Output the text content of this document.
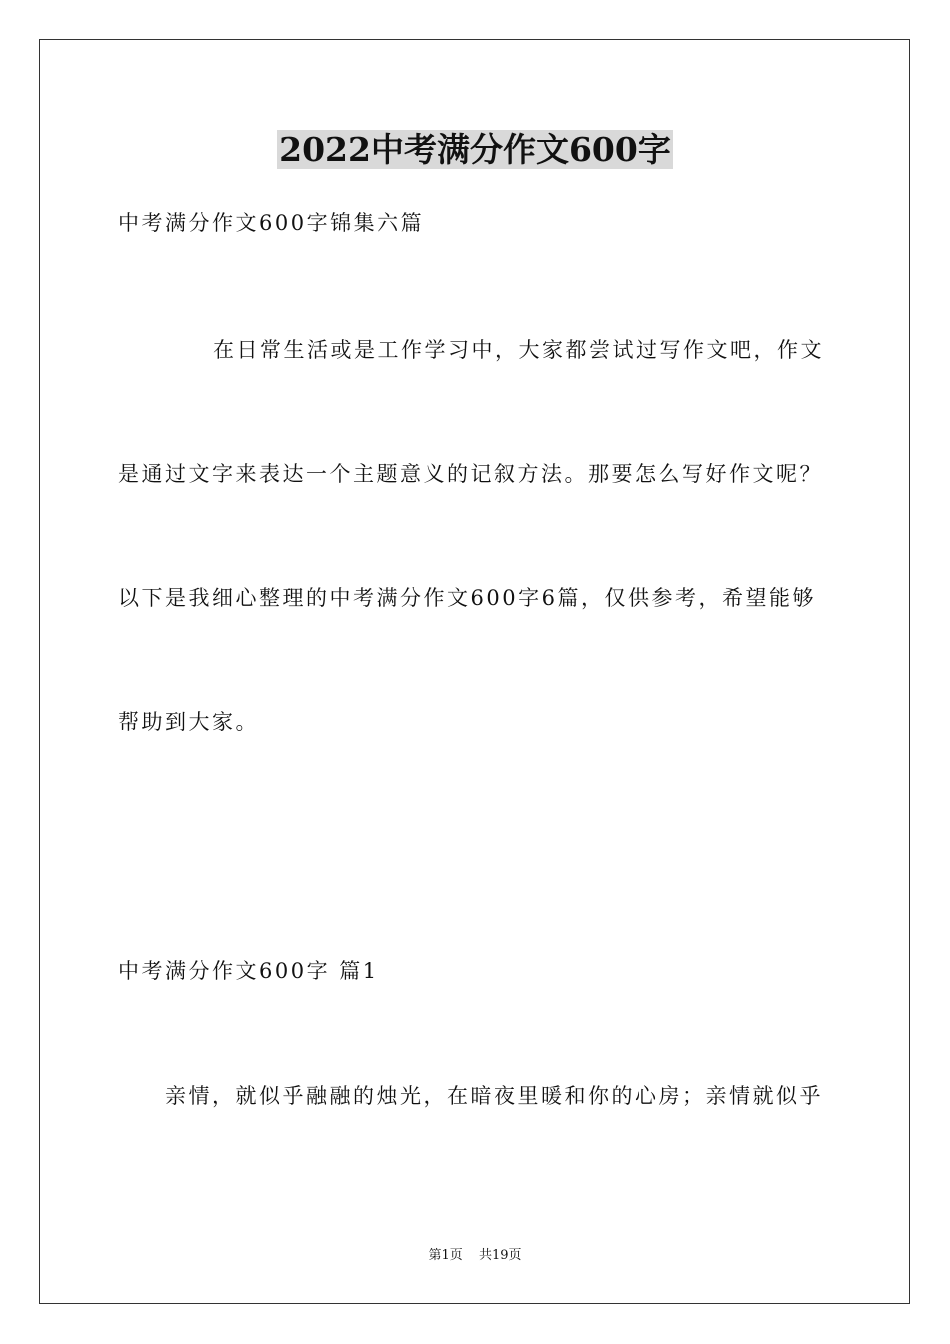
2022中考满分作文600字
中考满分作文600字锦集六篇
在日常生活或是工作学习中，大家都尝试过写作文吧，作文
是通过文字来表达一个主题意义的记叙方法。那要怎么写好作文呢？
以下是我细心整理的中考满分作文600字6篇，仅供参考，希望能够
帮助到大家。
中考满分作文600字 篇1
亲情，就似乎融融的烛光，在暗夜里暖和你的心房；亲情就似乎
第1页 共19页
